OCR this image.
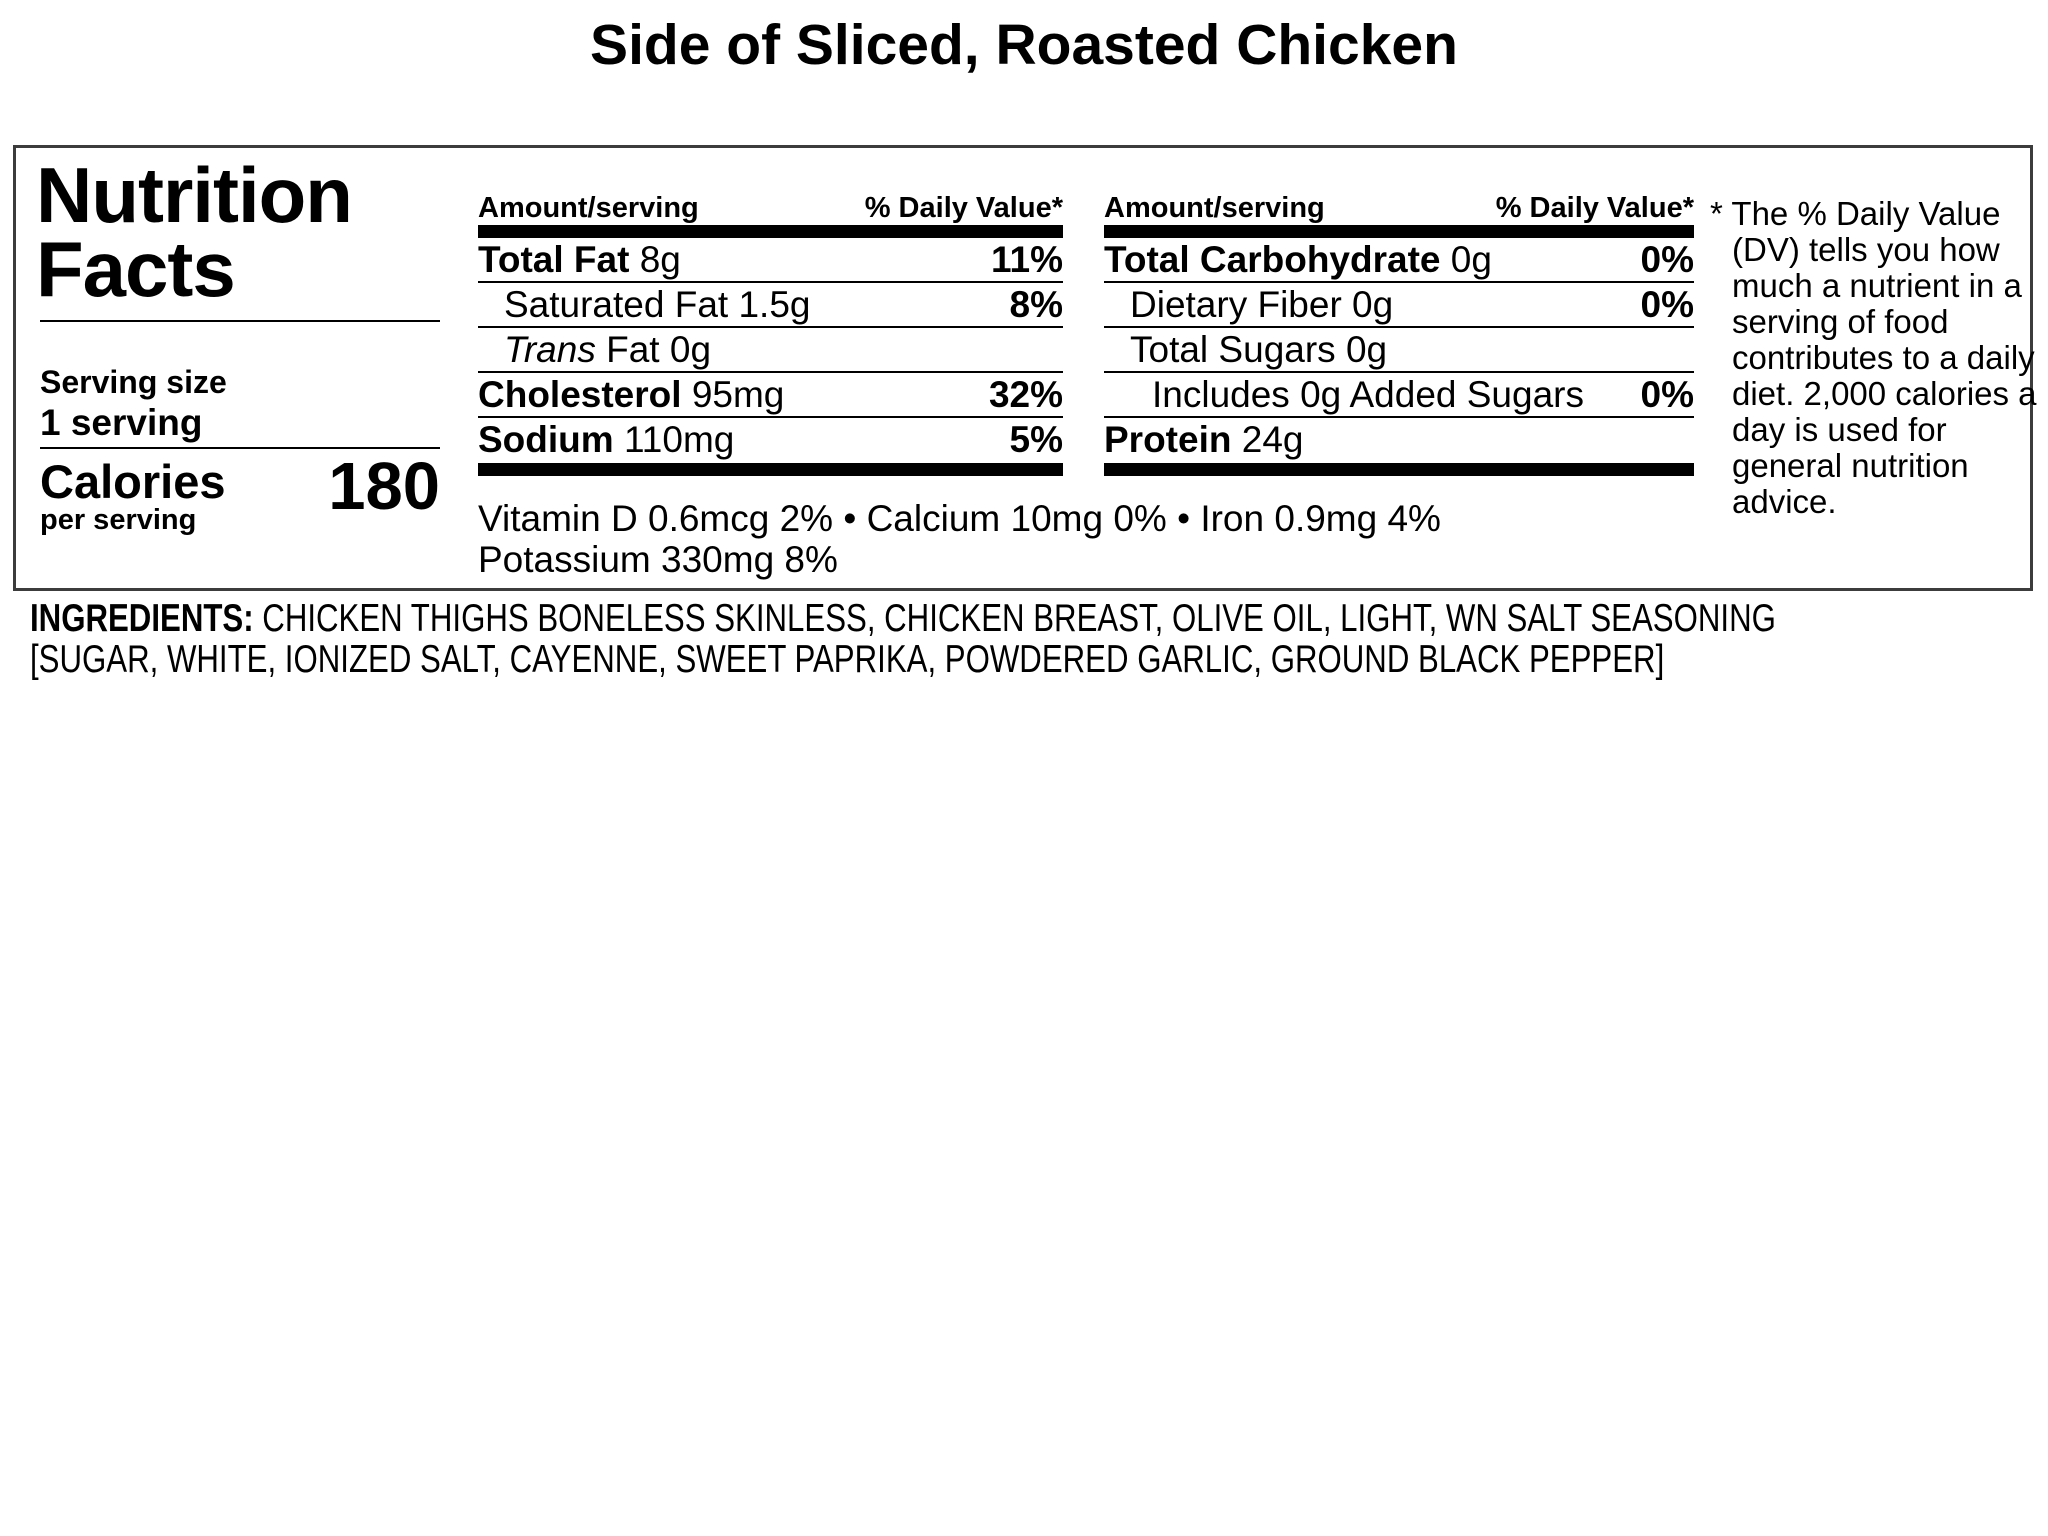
Side of Sliced, Roasted Chicken
Nutrition Facts
Serving size
1 serving
Calories
per serving	180
Amount/serving	% Daily Value*
Total Fat 8g	11%
Saturated Fat 1.5g	8%
Trans Fat 0g
Cholesterol 95mg	32%
Sodium 110mg	5%
Amount/serving	% Daily Value*
Total Carbohydrate 0g	0%
Dietary Fiber 0g	0%
Total Sugars 0g
Includes 0g Added Sugars 0%
Protein 24g
Vitamin D 0.6mcg 2% • Calcium 10mg 0% • Iron 0.9mg 4%
Potassium 330mg 8%
* The % Daily Value (DV) tells you how much a nutrient in a serving of food contributes to a daily diet. 2,000 calories a day is used for general nutrition advice.
INGREDIENTS: CHICKEN THIGHS BONELESS SKINLESS, CHICKEN BREAST, OLIVE OIL, LIGHT, WN SALT SEASONING
[SUGAR, WHITE, IONIZED SALT, CAYENNE, SWEET PAPRIKA, POWDERED GARLIC, GROUND BLACK PEPPER]
